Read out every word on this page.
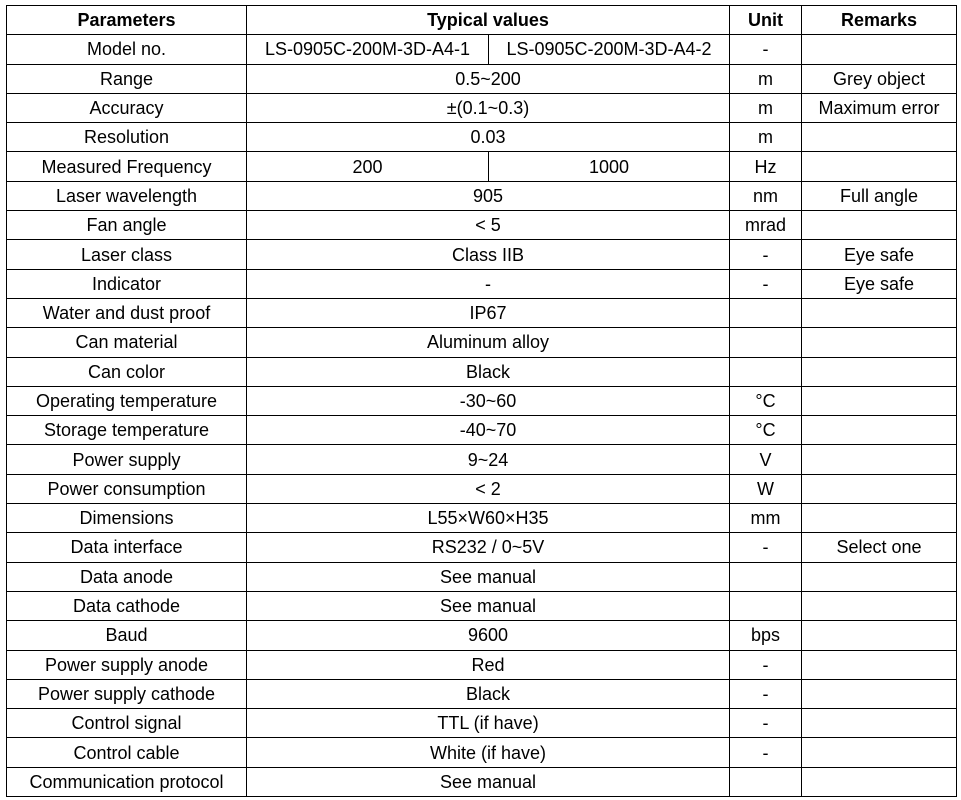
Parameters	Typical values		Unit	Remarks
Model no.	LS-0905C-200M-3D-A4-1	LS-0905C-200M-3D-A4-2	-	
Range	0.5~200		m	Grey object
Accuracy	±(0.1~0.3)		m	Maximum error
Resolution	0.03		m	
Measured Frequency	200	1000	Hz	
Laser wavelength	905		nm	Full angle
Fan angle	< 5		mrad	
Laser class	Class IIB		-	Eye safe
Indicator	-		-	Eye safe
Water and dust proof	IP67			
Can material	Aluminum alloy			
Can color	Black			
Operating temperature	-30~60		°C	
Storage temperature	-40~70		°C	
Power supply	9~24		V	
Power consumption	< 2		W	
Dimensions	L55×W60×H35		mm	
Data interface	RS232 / 0~5V		-	Select one
Data anode	See manual			
Data cathode	See manual			
Baud	9600		bps	
Power supply anode	Red		-	
Power supply cathode	Black		-	
Control signal	TTL (if have)		-	
Control cable	White (if have)		-	
Communication protocol	See manual			
